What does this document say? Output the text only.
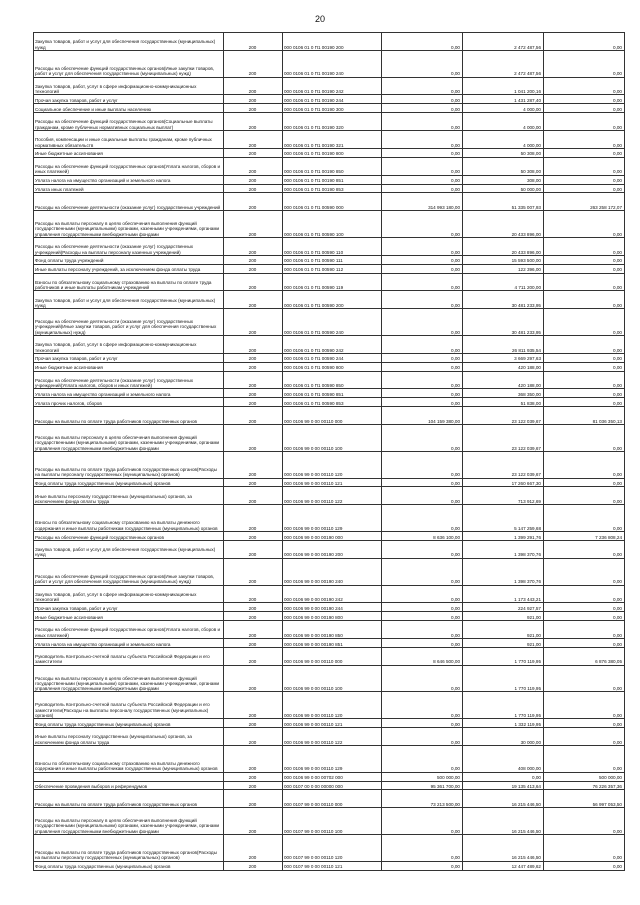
20
Закупка товаров, работ и услуг для обеспечения государственных (муниципальных) нужд	200	000 0106 01 0 П1 00190 200	0,00	2 472 487,56	0,00
Расходы на обеспечение функций государственных органов(Иные закупки товаров, работ и услуг для обеспечения государственных (муниципальных) нужд)	200	000 0106 01 0 П1 00190 240	0,00	2 472 487,56	0,00
Закупка товаров, работ, услуг в сфере информационно-коммуникационных технологий	200	000 0106 01 0 П1 00190 242	0,00	1 041 200,16	0,00
Прочая закупка товаров, работ и услуг	200	000 0106 01 0 П1 00190 244	0,00	1 431 287,40	0,00
Социальное обеспечение и иные выплаты населению	200	000 0106 01 0 П1 00190 300	0,00	4 000,00	0,00
Расходы на обеспечение функций государственных органов(Социальные выплаты гражданам, кроме публичных нормативных социальных выплат)	200	000 0106 01 0 П1 00190 320	0,00	4 000,00	0,00
Пособия, компенсации и иные социальные выплаты гражданам, кроме публичных нормативных обязательств	200	000 0106 01 0 П1 00190 321	0,00	4 000,00	0,00
Иные бюджетные ассигнования	200	000 0106 01 0 П1 00190 800	0,00	50 308,00	0,00
Расходы на обеспечение функций государственных органов(Уплата налогов, сборов и иных платежей)	200	000 0106 01 0 П1 00190 850	0,00	50 308,00	0,00
Уплата налога на имущество организаций и земельного налога	200	000 0106 01 0 П1 00190 851	0,00	308,00	0,00
Уплата иных платежей	200	000 0106 01 0 П1 00190 853	0,00	50 000,00	0,00
Расходы на обеспечение деятельности (оказание услуг) государственных учреждений	200	000 0106 01 0 П1 00590 000	314 993 180,00	51 335 007,93	263 258 172,07
Расходы на выплаты персоналу в целях обеспечения выполнения функций государственными (муниципальными) органами, казенными учреждениями, органами управления государственными внебюджетными фондами	200	000 0106 01 0 П1 00590 100	0,00	20 433 896,00	0,00
Расходы на обеспечение деятельности (оказание услуг) государственных учреждений(Расходы на выплаты персоналу казенных учреждений)	200	000 0106 01 0 П1 00590 110	0,00	20 433 896,00	0,00
Фонд оплаты труда учреждений	200	000 0106 01 0 П1 00590 111	0,00	15 593 500,00	0,00
Иные выплаты персоналу учреждений, за исключением фонда оплаты труда	200	000 0106 01 0 П1 00590 112	0,00	122 396,00	0,00
Взносы по обязательному социальному страхованию на выплаты по оплате труда работников и иные выплаты работникам учреждений	200	000 0106 01 0 П1 00590 119	0,00	4 711 200,00	0,00
Закупка товаров, работ и услуг для обеспечения государственных (муниципальных) нужд	200	000 0106 01 0 П1 00590 200	0,00	30 481 233,95	0,00
Расходы на обеспечение деятельности (оказание услуг) государственных учреждений(Иные закупки товаров, работ и услуг для обеспечения государственных (муниципальных) нужд)	200	000 0106 01 0 П1 00590 240	0,00	30 481 233,95	0,00
Закупка товаров, работ, услуг в сфере информационно-коммуникационных технологий	200	000 0106 01 0 П1 00590 242	0,00	26 811 935,54	0,00
Прочая закупка товаров, работ и услуг	200	000 0106 01 0 П1 00590 244	0,00	3 669 297,63	0,00
Иные бюджетные ассигнования	200	000 0106 01 0 П1 00590 800	0,00	420 188,00	0,00
Расходы на обеспечение деятельности (оказание услуг) государственных учреждений(Уплата налогов, сборов и иных платежей)	200	000 0106 01 0 П1 00590 850	0,00	420 188,00	0,00
Уплата налога на имущество организаций и земельного налога	200	000 0106 01 0 П1 00590 851	0,00	368 350,00	0,00
Уплата прочих налогов, сборов	200	000 0106 01 0 П1 00590 853	0,00	51 838,00	0,00
Расходы на выплаты по оплате труда работников государственных органов	200	000 0106 99 0 00 00110 000	104 159 380,00	23 122 039,67	81 036 350,13
Расходы на выплаты персоналу в целях обеспечения выполнения функций государственными (муниципальными) органами, казенными учреждениями, органами управления государственными внебюджетными фондами	200	000 0106 99 0 00 00110 100	0,00	23 122 039,67	0,00
Расходы на выплаты по оплате труда работников государственных органов(Расходы на выплаты персоналу государственных (муниципальных) органов)	200	000 0106 99 0 00 00110 120	0,00	23 122 039,67	0,00
Фонд оплаты труда государственных (муниципальных) органов	200	000 0106 99 0 00 00110 121	0,00	17 260 667,30	0,00
Иные выплаты персоналу государственных (муниципальных) органов, за исключением фонда оплаты труда	200	000 0106 99 0 00 00110 122	0,00	713 912,69	0,00
Взносы по обязательному социальному страхованию на выплаты денежного содержания и иные выплаты работникам государственных (муниципальных) органов	200	000 0106 99 0 00 00110 129	0,00	5 147 259,68	0,00
Расходы на обеспечение функций государственных органов	200	000 0106 99 0 00 00190 000	8 636 100,00	1 399 291,76	7 236 808,24
Закупка товаров, работ и услуг для обеспечения государственных (муниципальных) нужд	200	000 0106 99 0 00 00190 200	0,00	1 398 370,76	0,00
Расходы на обеспечение функций государственных органов(Иные закупки товаров, работ и услуг для обеспечения государственных (муниципальных) нужд)	200	000 0106 99 0 00 00190 240	0,00	1 398 370,76	0,00
Закупка товаров, работ, услуг в сфере информационно-коммуникационных технологий	200	000 0106 99 0 00 00190 242	0,00	1 173 443,21	0,00
Прочая закупка товаров, работ и услуг	200	000 0106 99 0 00 00190 244	0,00	224 927,57	0,00
Иные бюджетные ассигнования	200	000 0106 99 0 00 00190 800	0,00	921,00	0,00
Расходы на обеспечение функций государственных органов(Уплата налогов, сборов и иных платежей)	200	000 0106 99 0 00 00190 850	0,00	921,00	0,00
Уплата налога на имущество организаций и земельного налога	200	000 0106 99 0 00 00190 851	0,00	921,00	0,00
Руководитель Контрольно-счетной палаты субъекта Российской Федерации и его заместители	200	000 0106 99 0 00 00110 000	8 646 500,00	1 770 119,95	6 876 380,05
Расходы на выплаты персоналу в целях обеспечения выполнения функций государственными (муниципальными) органами, казенными учреждениями, органами управления государственными внебюджетными фондами	200	000 0106 99 0 00 00110 100	0,00	1 770 119,95	0,00
Руководитель Контрольно-счетной палаты субъекта Российской Федерации и его заместители(Расходы на выплаты персоналу государственных (муниципальных) органов)	200	000 0106 99 0 00 00110 120	0,00	1 770 119,95	0,00
Фонд оплаты труда государственных (муниципальных) органов	200	000 0106 99 0 00 00110 121	0,00	1 332 119,95	0,00
Иные выплаты персоналу государственных (муниципальных) органов, за исключением фонда оплаты труда	200	000 0106 99 0 00 00110 122	0,00	30 000,00	0,00
Взносы по обязательному социальному страхованию на выплаты денежного содержания и иные выплаты работникам государственных (муниципальных) органов	200	000 0106 99 0 00 00110 129	0,00	408 000,00	0,00
	200	000 0106 99 0 00 00702 000	500 000,00	0,00	500 000,00
Обеспечение проведения выборов и референдумов	200	000 0107 00 0 00 00000 000	95 361 700,00	19 135 413,64	76 226 357,36
Расходы на выплаты по оплате труда работников государственных органов	200	000 0107 99 0 00 00110 000	73 213 500,00	16 215 446,50	56 997 053,50
Расходы на выплаты персоналу в целях обеспечения выполнения функций государственными (муниципальными) органами, казенными учреждениями, органами управления государственными внебюджетными фондами	200	000 0107 99 0 00 00110 100	0,00	16 215 446,50	0,00
Расходы на выплаты по оплате труда работников государственных органов(Расходы на выплаты персоналу государственных (муниципальных) органов)	200	000 0107 99 0 00 00110 120	0,00	16 215 446,50	0,00
Фонд оплаты труда государственных (муниципальных) органов	200	000 0107 99 0 00 00110 121	0,00	12 447 489,62	0,00
